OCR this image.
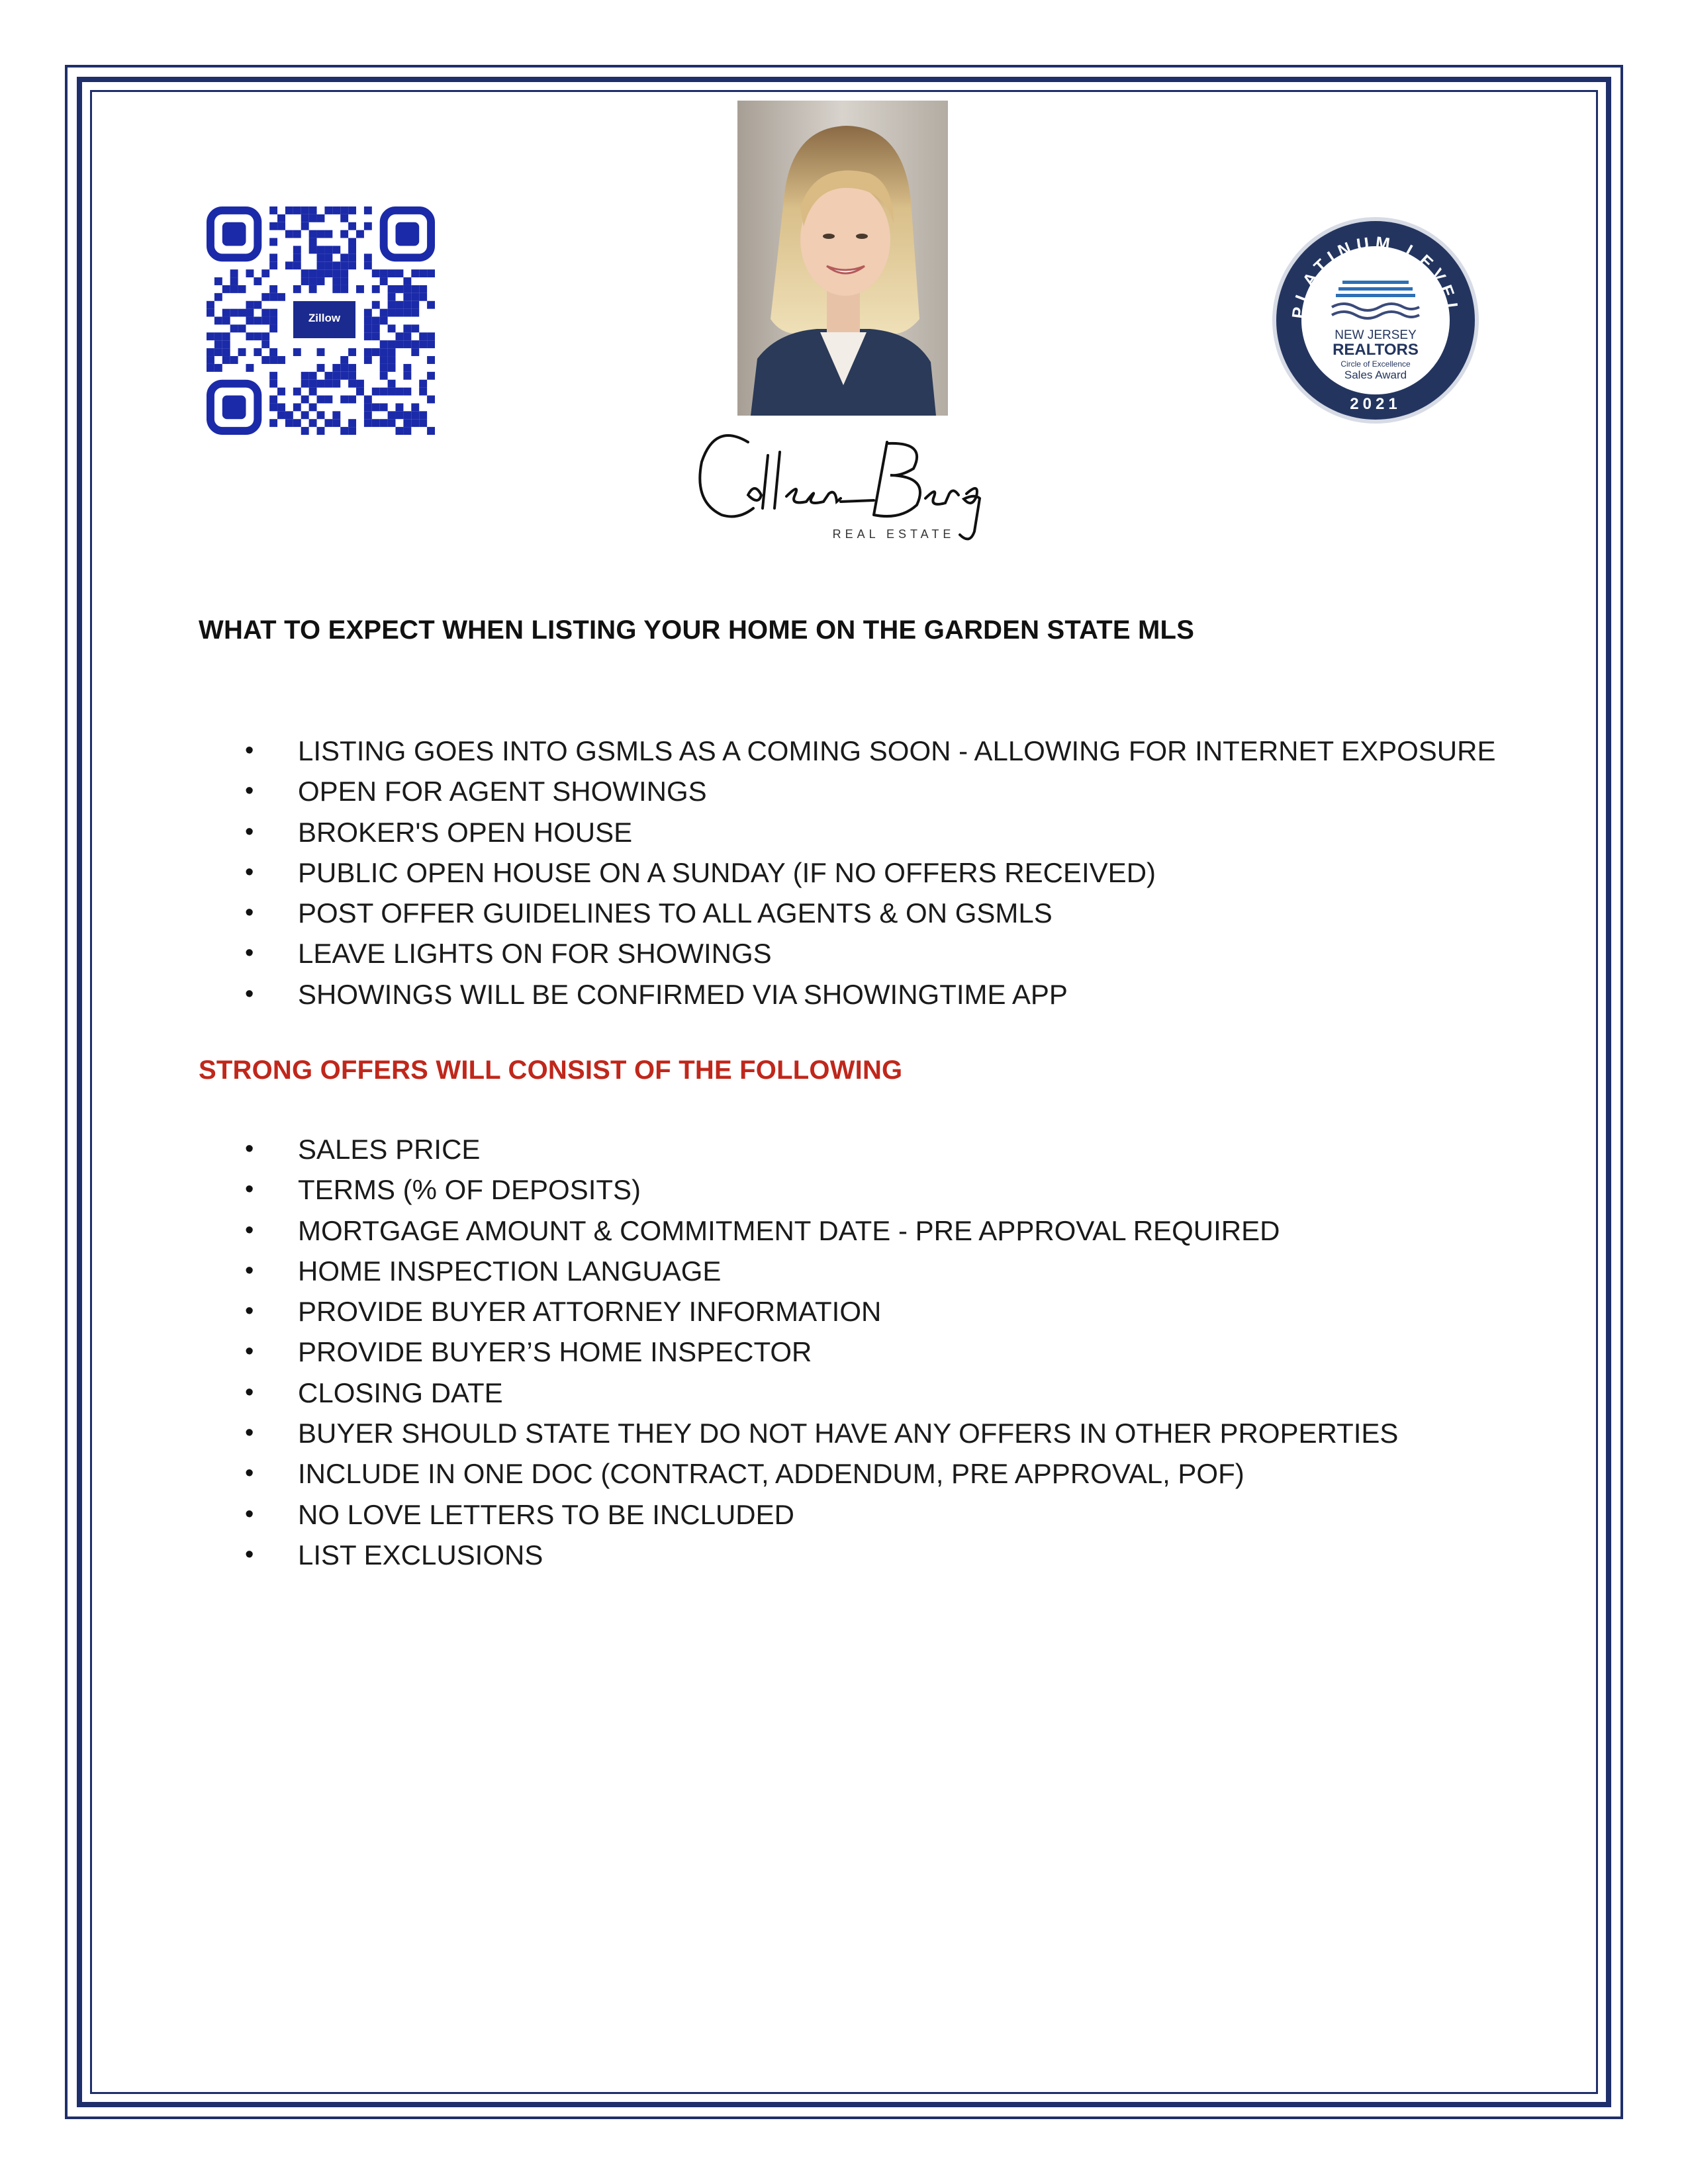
Zillow	PLATINUM LEVEL
NEW JERSEY
REALTORS
Circle of Excellence
Sales Award
2021
REAL ESTATE
WHAT TO EXPECT WHEN LISTING YOUR HOME ON THE GARDEN STATE MLS
• LISTING GOES INTO GSMLS AS A COMING SOON - ALLOWING FOR INTERNET EXPOSURE
• OPEN FOR AGENT SHOWINGS
• BROKER'S OPEN HOUSE
• PUBLIC OPEN HOUSE ON A SUNDAY (IF NO OFFERS RECEIVED)
• POST OFFER GUIDELINES TO ALL AGENTS & ON GSMLS
• LEAVE LIGHTS ON FOR SHOWINGS
• SHOWINGS WILL BE CONFIRMED VIA SHOWINGTIME APP
STRONG OFFERS WILL CONSIST OF THE FOLLOWING
• SALES PRICE
• TERMS (% OF DEPOSITS)
• MORTGAGE AMOUNT & COMMITMENT DATE - PRE APPROVAL REQUIRED
• HOME INSPECTION LANGUAGE
• PROVIDE BUYER ATTORNEY INFORMATION
• PROVIDE BUYER’S HOME INSPECTOR
• CLOSING DATE
• BUYER SHOULD STATE THEY DO NOT HAVE ANY OFFERS IN OTHER PROPERTIES
• INCLUDE IN ONE DOC (CONTRACT, ADDENDUM, PRE APPROVAL, POF)
• NO LOVE LETTERS TO BE INCLUDED
• LIST EXCLUSIONS
